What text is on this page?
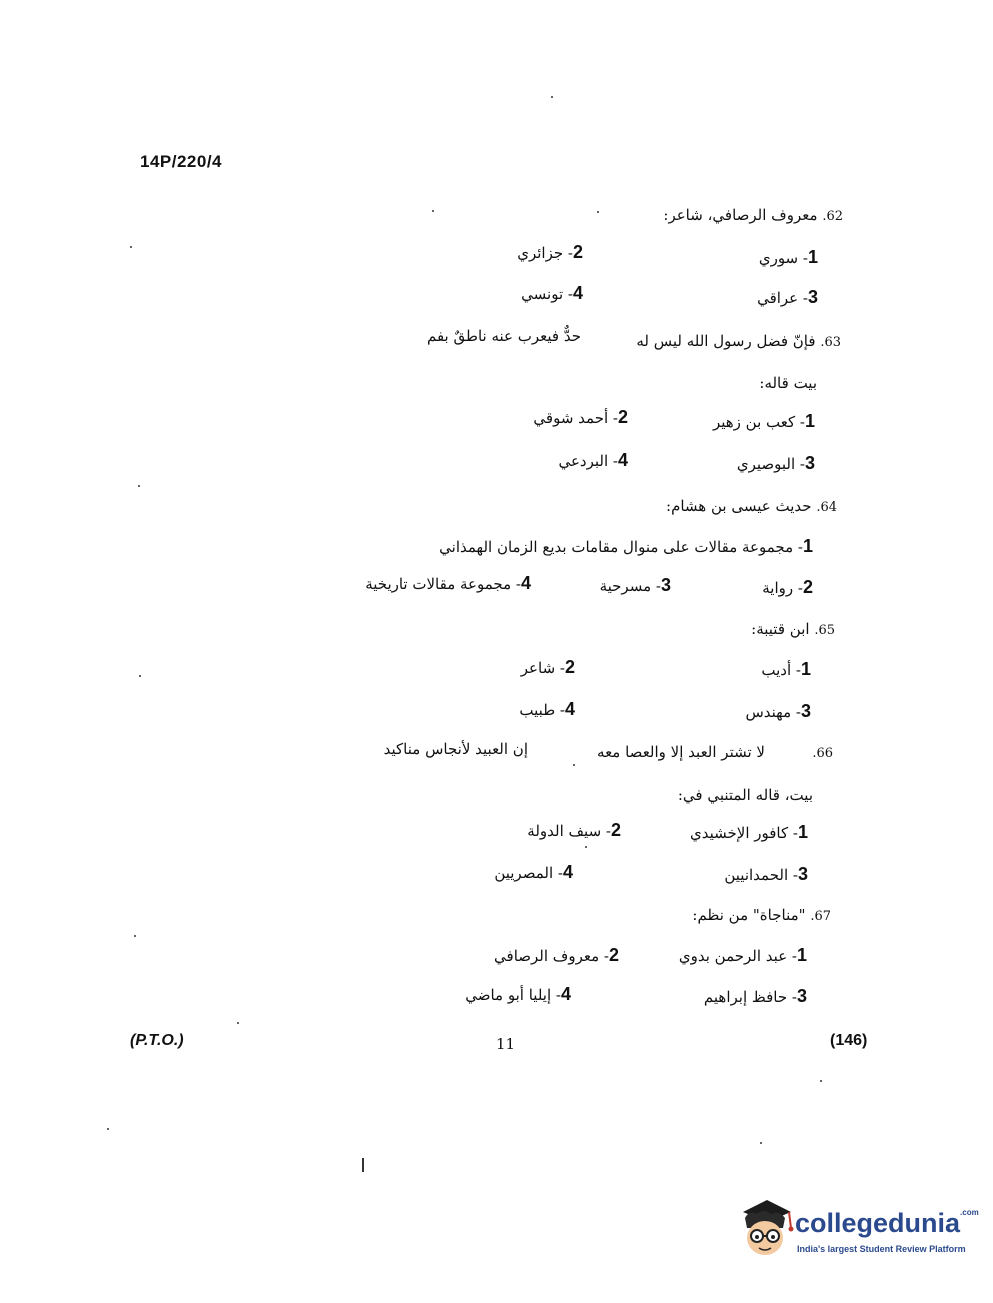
14P/220/4
62. معروف الرصافي، شاعر:
1- سوري
2- جزائري
3- عراقي
4- تونسي
63. فإنّ فضل رسول الله ليس له
حدٌّ فيعرب عنه ناطقٌ بفم
بيت قاله:
1- كعب بن زهير
2- أحمد شوقي
3- البوصيري
4- البردعي
64. حديث عيسى بن هشام:
1- مجموعة مقالات على منوال مقامات بديع الزمان الهمذاني
2- رواية
3- مسرحية
4- مجموعة مقالات تاريخية
65. ابن قتيبة:
1- أديب
2- شاعر
3- مهندس
4- طبيب
66.
لا تشتر العبد إلا والعصا معه
إن العبيد لأنجاس مناكيد
بيت، قاله المتنبي في:
1- كافور الإخشيدي
2- سيف الدولة
3- الحمدانيين
4- المصريين
67. "مناجاة" من نظم:
1- عبد الرحمن بدوي
2- معروف الرصافي
3- حافظ إبراهيم
4- إيليا أبو ماضي
(P.T.O.)	11	(146)
collegedunia$^{.com}$
India's largest Student Review Platform
